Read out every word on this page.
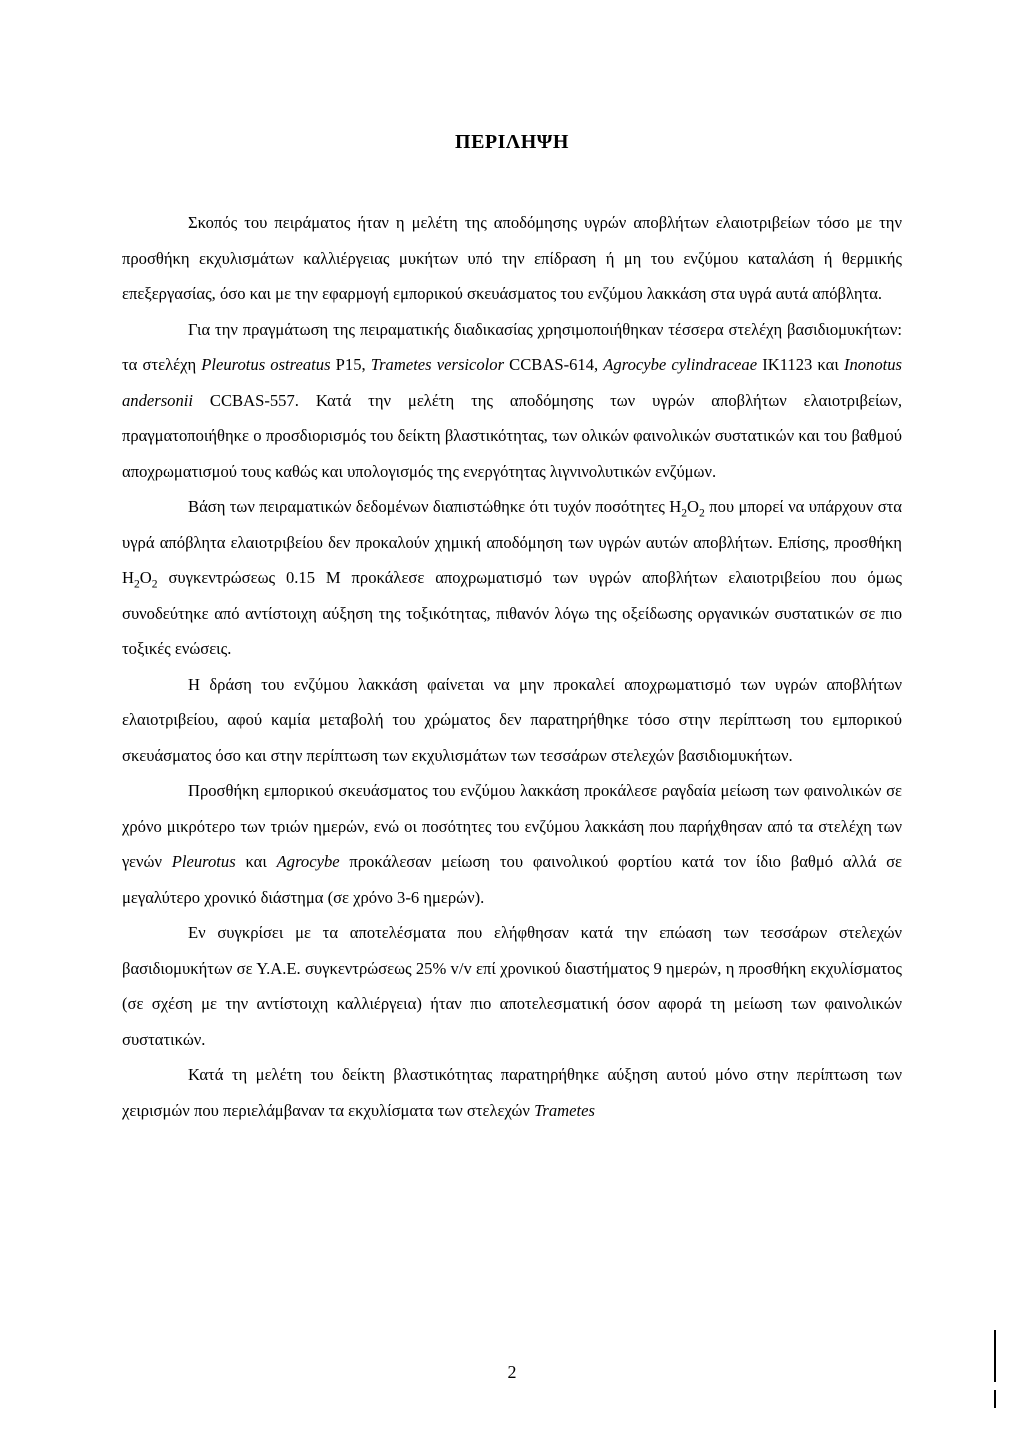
ΠΕΡΙΛΗΨΗ

Σκοπός του πειράματος ήταν η μελέτη της αποδόμησης υγρών αποβλήτων ελαιοτριβείων τόσο με την προσθήκη εκχυλισμάτων καλλιέργειας μυκήτων υπό την επίδραση ή μη του ενζύμου καταλάση ή θερμικής επεξεργασίας, όσο και με την εφαρμογή εμπορικού σκευάσματος του ενζύμου λακκάση στα υγρά αυτά απόβλητα.

Για την πραγμάτωση της πειραματικής διαδικασίας χρησιμοποιήθηκαν τέσσερα στελέχη βασιδιομυκήτων: τα στελέχη Pleurotus ostreatus P15, Trametes versicolor CCBAS-614, Agrocybe cylindraceae IK1123 και Inonotus andersonii CCBAS-557. Κατά την μελέτη της αποδόμησης των υγρών αποβλήτων ελαιοτριβείων, πραγματοποιήθηκε ο προσδιορισμός του δείκτη βλαστικότητας, των ολικών φαινολικών συστατικών και του βαθμού αποχρωματισμού τους καθώς και υπολογισμός της ενεργότητας λιγνινολυτικών ενζύμων.

Βάση των πειραματικών δεδομένων διαπιστώθηκε ότι τυχόν ποσότητες $H_2O_2$ που μπορεί να υπάρχουν στα υγρά απόβλητα ελαιοτριβείου δεν προκαλούν χημική αποδόμηση των υγρών αυτών αποβλήτων. Επίσης, προσθήκη $H_2O_2$ συγκεντρώσεως 0.15 M προκάλεσε αποχρωματισμό των υγρών αποβλήτων ελαιοτριβείου που όμως συνοδεύτηκε από αντίστοιχη αύξηση της τοξικότητας, πιθανόν λόγω της οξείδωσης οργανικών συστατικών σε πιο τοξικές ενώσεις.

Η δράση του ενζύμου λακκάση φαίνεται να μην προκαλεί αποχρωματισμό των υγρών αποβλήτων ελαιοτριβείου, αφού καμία μεταβολή του χρώματος δεν παρατηρήθηκε τόσο στην περίπτωση του εμπορικού σκευάσματος όσο και στην περίπτωση των εκχυλισμάτων των τεσσάρων στελεχών βασιδιομυκήτων.

Προσθήκη εμπορικού σκευάσματος του ενζύμου λακκάση προκάλεσε ραγδαία μείωση των φαινολικών σε χρόνο μικρότερο των τριών ημερών, ενώ οι ποσότητες του ενζύμου λακκάση που παρήχθησαν από τα στελέχη των γενών Pleurotus και Agrocybe προκάλεσαν μείωση του φαινολικού φορτίου κατά τον ίδιο βαθμό αλλά σε μεγαλύτερο χρονικό διάστημα (σε χρόνο 3-6 ημερών).

Εν συγκρίσει με τα αποτελέσματα που ελήφθησαν κατά την επώαση των τεσσάρων στελεχών βασιδιομυκήτων σε Υ.Α.Ε. συγκεντρώσεως 25% v/v επί χρονικού διαστήματος 9 ημερών, η προσθήκη εκχυλίσματος (σε σχέση με την αντίστοιχη καλλιέργεια) ήταν πιο αποτελεσματική όσον αφορά τη μείωση των φαινολικών συστατικών.

Κατά τη μελέτη του δείκτη βλαστικότητας παρατηρήθηκε αύξηση αυτού μόνο στην περίπτωση των χειρισμών που περιελάμβαναν τα εκχυλίσματα των στελεχών Trametes

2
